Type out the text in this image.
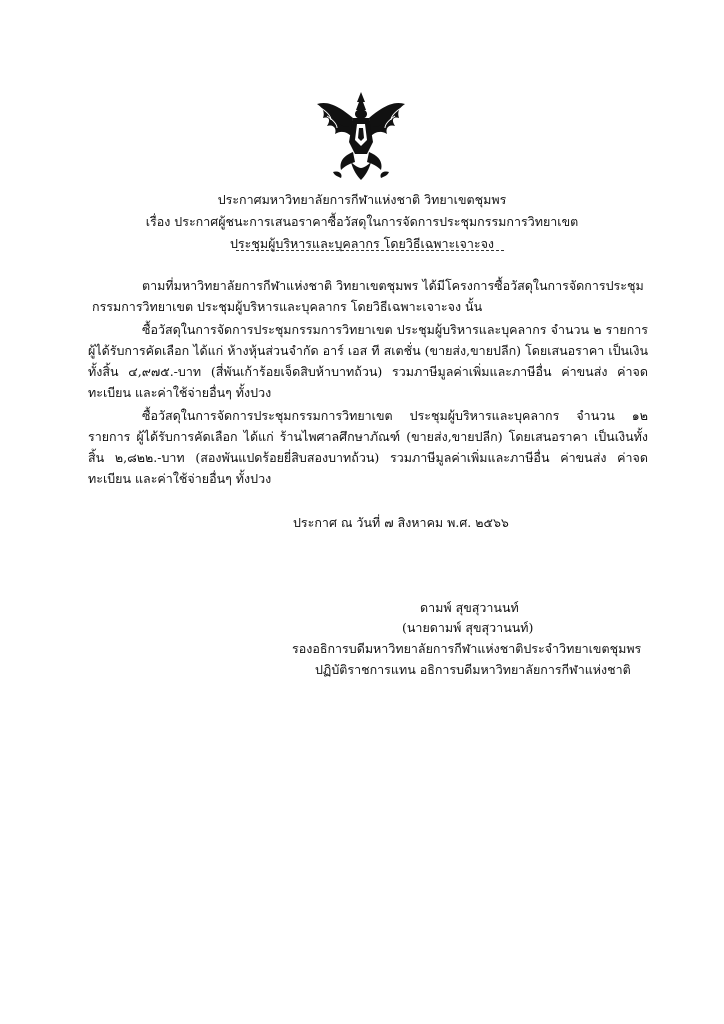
ประกาศมหาวิทยาลัยการกีฬาแห่งชาติ วิทยาเขตชุมพร
เรื่อง ประกาศผู้ชนะการเสนอราคาซื้อวัสดุในการจัดการประชุมกรรมการวิทยาเขต
ประชุมผู้บริหารและบุคลากร โดยวิธีเฉพาะเจาะจง
ตามที่มหาวิทยาลัยการกีฬาแห่งชาติ วิทยาเขตชุมพร ได้มีโครงการซื้อวัสดุในการจัดการประชุม
กรรมการวิทยาเขต ประชุมผู้บริหารและบุคลากร โดยวิธีเฉพาะเจาะจง นั้น
ซื้อวัสดุในการจัดการประชุมกรรมการวิทยาเขต ประชุมผู้บริหารและบุคลากร จำนวน ๒ รายการ ผู้ได้รับการคัดเลือก ได้แก่ ห้างหุ้นส่วนจำกัด อาร์ เอส ที สเตชั่น (ขายส่ง,ขายปลีก) โดยเสนอราคา เป็นเงินทั้งสิ้น ๔,๙๗๕.-บาท (สี่พันเก้าร้อยเจ็ดสิบห้าบาทถ้วน) รวมภาษีมูลค่าเพิ่มและภาษีอื่น ค่าขนส่ง ค่าจดทะเบียน และค่าใช้จ่ายอื่นๆ ทั้งปวง
ซื้อวัสดุในการจัดการประชุมกรรมการวิทยาเขต ประชุมผู้บริหารและบุคลากร จำนวน ๑๒ รายการ ผู้ได้รับการคัดเลือก ได้แก่ ร้านไพศาลศึกษาภัณฑ์ (ขายส่ง,ขายปลีก) โดยเสนอราคา เป็นเงินทั้งสิ้น ๒,๘๒๒.-บาท (สองพันแปดร้อยยี่สิบสองบาทถ้วน) รวมภาษีมูลค่าเพิ่มและภาษีอื่น ค่าขนส่ง ค่าจดทะเบียน และค่าใช้จ่ายอื่นๆ ทั้งปวง
ประกาศ ณ วันที่ ๗ สิงหาคม พ.ศ. ๒๕๖๖
ดามพ์ สุขสุวานนท์
(นายดามพ์ สุขสุวานนท์)
รองอธิการบดีมหาวิทยาลัยการกีฬาแห่งชาติประจำวิทยาเขตชุมพร
ปฏิบัติราชการแทน อธิการบดีมหาวิทยาลัยการกีฬาแห่งชาติ
